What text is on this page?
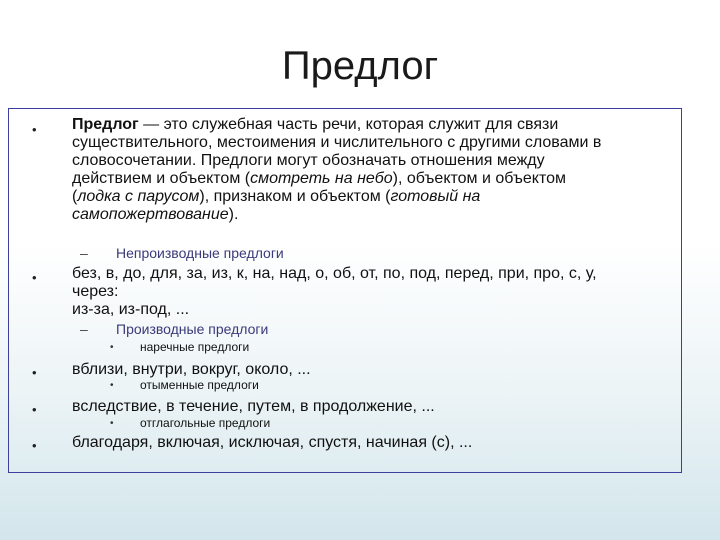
Предлог
• Предлог — это служебная часть речи, которая служит для связи
существительного, местоимения и числительного с другими словами в
словосочетании. Предлоги могут обозначать отношения между
действием и объектом (смотреть на небо), объектом и объектом
(лодка с парусом), признаком и объектом (готовый на
самопожертвование).
– Непроизводные предлоги
• без, в, до, для, за, из, к, на, над, о, об, от, по, под, перед, при, про, с, у,
через:
из-за, из-под, ...
– Производные предлоги
• наречные предлоги
• вблизи, внутри, вокруг, около, ...
• отыменные предлоги
• вследствие, в течение, путем, в продолжение, ...
• отглагольные предлоги
• благодаря, включая, исключая, спустя, начиная (с), ...
